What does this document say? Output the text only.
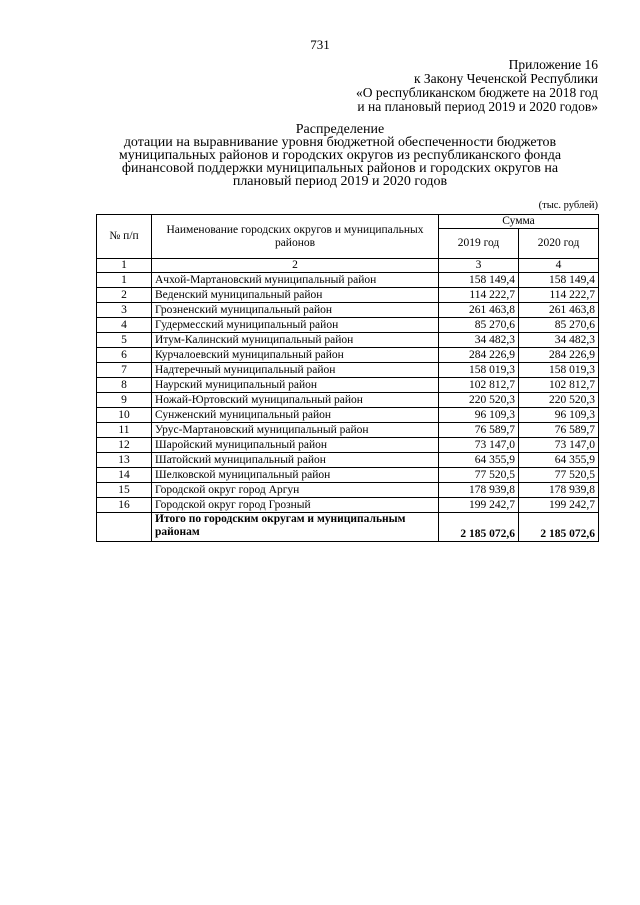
731
Приложение 16
к Закону Чеченской Республики
«О республиканском бюджете на 2018 год
и на плановый период 2019 и 2020 годов»
Распределение
дотации на выравнивание уровня бюджетной обеспеченности бюджетов
муниципальных районов и городских округов из республиканского фонда
финансовой поддержки муниципальных районов и городских округов на
плановый период 2019 и 2020 годов
(тыс. рублей)
№ п/п	Наименование городских округов и муниципальных районов	Сумма	
		2019 год	2020 год
1	2	3	4
1	Ачхой-Мартановский муниципальный район	158 149,4	158 149,4
2	Веденский муниципальный район	114 222,7	114 222,7
3	Грозненский муниципальный район	261 463,8	261 463,8
4	Гудермесский муниципальный район	85 270,6	85 270,6
5	Итум-Калинский муниципальный район	34 482,3	34 482,3
6	Курчалоевский муниципальный район	284 226,9	284 226,9
7	Надтеречный муниципальный район	158 019,3	158 019,3
8	Наурский муниципальный район	102 812,7	102 812,7
9	Ножай-Юртовский муниципальный район	220 520,3	220 520,3
10	Сунженский муниципальный район	96 109,3	96 109,3
11	Урус-Мартановский муниципальный район	76 589,7	76 589,7
12	Шаройский муниципальный район	73 147,0	73 147,0
13	Шатойский муниципальный район	64 355,9	64 355,9
14	Шелковской муниципальный район	77 520,5	77 520,5
15	Городской округ город Аргун	178 939,8	178 939,8
16	Городской округ город Грозный	199 242,7	199 242,7
	Итого по городским округам и муниципальным районам	2 185 072,6	2 185 072,6
